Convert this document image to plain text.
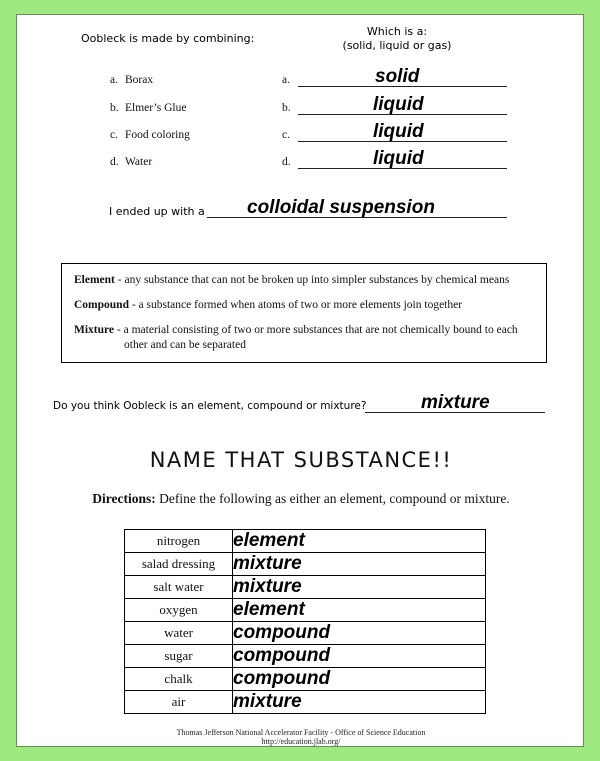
Oobleck is made by combining:
Which is a:
(solid, liquid or gas)
a. Borax	a.	solid
b. Elmer’s Glue	b.	liquid
c. Food coloring	c.	liquid
d. Water	d.	liquid
I ended up with a colloidal suspension

Element - any substance that can not be broken up into simpler substances by chemical means

Compound - a substance formed when atoms of two or more elements join together

Mixture - a material consisting of two or more substances that are not chemically bound to each

other and can be separated

Do you think Oobleck is an element, compound or mixture?	mixture
NAME THAT SUBSTANCE!!
Directions: Define the following as either an element, compound or mixture.
nitrogen	element
salad dressing	mixture
salt water	mixture
oxygen	element
water	compound
sugar	compound
chalk	compound
air	mixture
Thomas Jefferson National Accelerator Facility - Office of Science Education
http://education.jlab.org/
